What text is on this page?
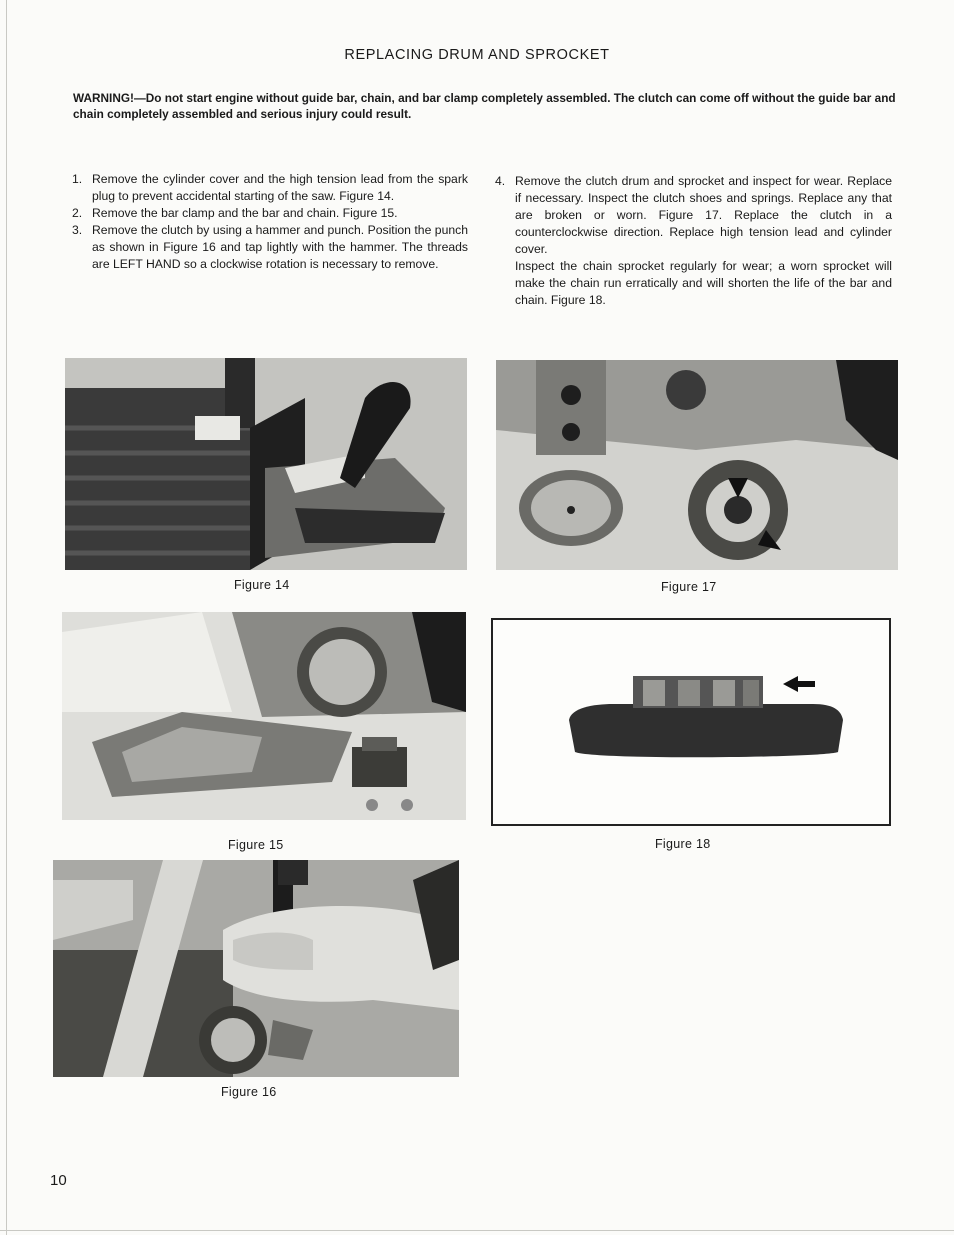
REPLACING DRUM AND SPROCKET

WARNING!—Do not start engine without guide bar, chain, and bar clamp completely assembled. The clutch can come off without the guide bar and chain completely assembled and serious injury could result.

1. Remove the cylinder cover and the high tension lead from the spark plug to prevent accidental starting of the saw. Figure 14.

2. Remove the bar clamp and the bar and chain. Figure 15.

3. Remove the clutch by using a hammer and punch. Position the punch as shown in Figure 16 and tap lightly with the hammer. The threads are LEFT HAND so a clockwise rotation is necessary to remove.

4. Remove the clutch drum and sprocket and inspect for wear. Replace if necessary. Inspect the clutch shoes and springs. Replace any that are broken or worn. Figure 17. Replace the clutch in a counterclockwise direction. Replace high tension lead and cylinder cover.

Inspect the chain sprocket regularly for wear; a worn sprocket will make the chain run erratically and will shorten the life of the bar and chain. Figure 18.

Figure 14	Figure 17
Figure 15	Figure 18
Figure 16
10
